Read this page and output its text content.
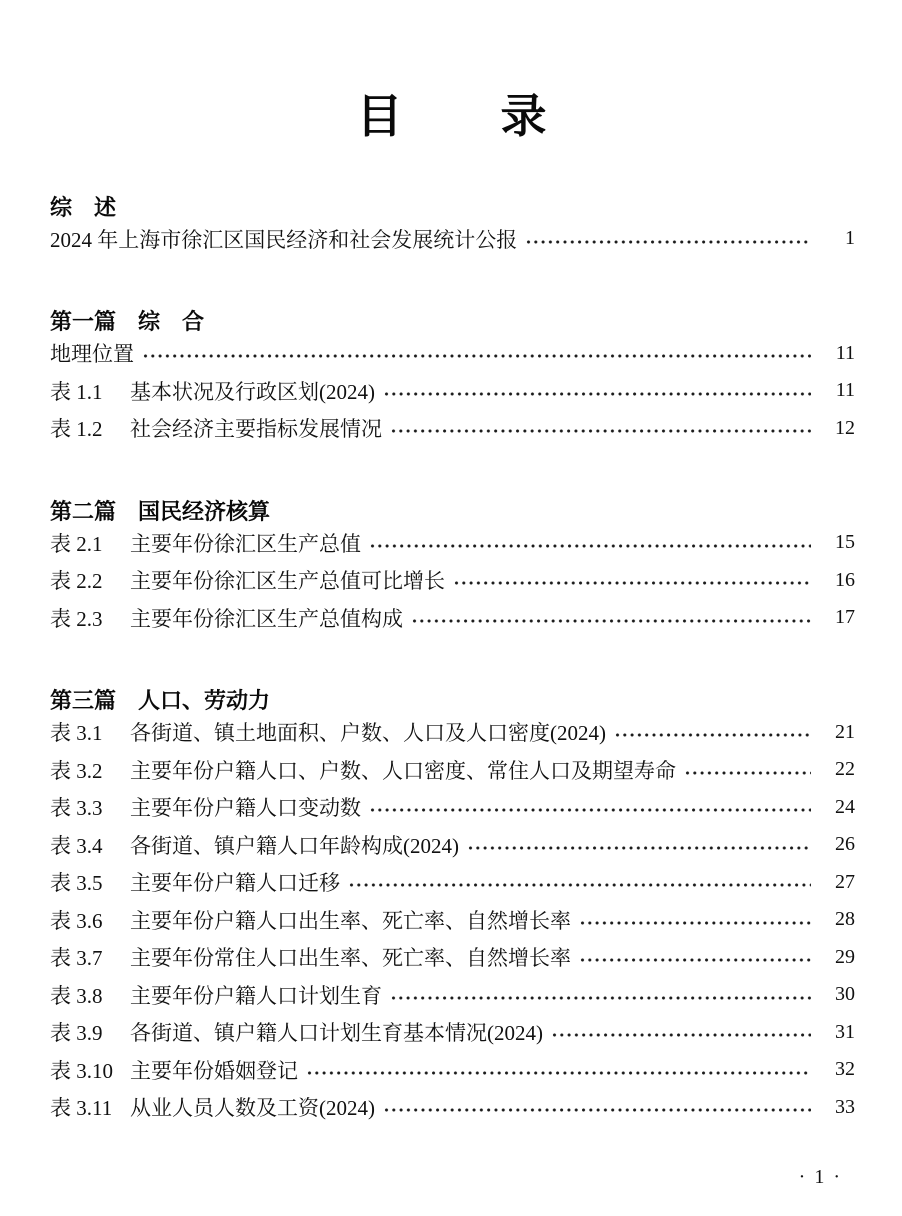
目　　录
综　述
2024 年上海市徐汇区国民经济和社会发展统计公报	1
第一篇　综　合
地理位置	11
表 1.1	基本状况及行政区划(2024)	11
表 1.2	社会经济主要指标发展情况	12
第二篇　国民经济核算
表 2.1	主要年份徐汇区生产总值	15
表 2.2	主要年份徐汇区生产总值可比增长	16
表 2.3	主要年份徐汇区生产总值构成	17
第三篇　人口、劳动力
表 3.1	各街道、镇土地面积、户数、人口及人口密度(2024)	21
表 3.2	主要年份户籍人口、户数、人口密度、常住人口及期望寿命	22
表 3.3	主要年份户籍人口变动数	24
表 3.4	各街道、镇户籍人口年龄构成(2024)	26
表 3.5	主要年份户籍人口迁移	27
表 3.6	主要年份户籍人口出生率、死亡率、自然增长率	28
表 3.7	主要年份常住人口出生率、死亡率、自然增长率	29
表 3.8	主要年份户籍人口计划生育	30
表 3.9	各街道、镇户籍人口计划生育基本情况(2024)	31
表 3.10 主要年份婚姻登记	32
表 3.11 从业人员人数及工资(2024)	33
· 1 ·
